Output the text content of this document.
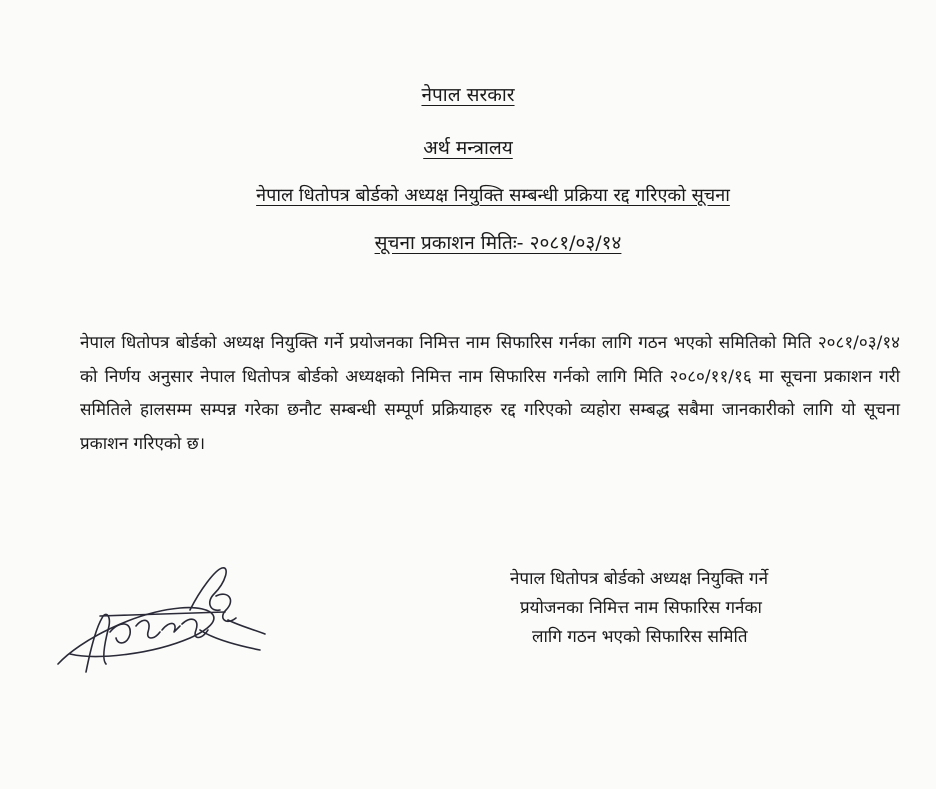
नेपाल सरकार
अर्थ मन्त्रालय
नेपाल धितोपत्र बोर्डको अध्यक्ष नियुक्ति सम्बन्धी प्रक्रिया रद्द गरिएको सूचना
सूचना प्रकाशन मितिः- २०८१/०३/१४

नेपाल धितोपत्र बोर्डको अध्यक्ष नियुक्ति गर्ने प्रयोजनका निमित्त नाम सिफारिस गर्नका लागि गठन भएको समितिको मिति २०८१/०३/१४ को निर्णय अनुसार नेपाल धितोपत्र बोर्डको अध्यक्षको निमित्त नाम सिफारिस गर्नको लागि मिति २०८०/११/१६ मा सूचना प्रकाशन गरी समितिले हालसम्म सम्पन्न गरेका छनौट सम्बन्धी सम्पूर्ण प्रक्रियाहरु रद्द गरिएको व्यहोरा सम्बद्ध सबैमा जानकारीको लागि यो सूचना प्रकाशन गरिएको छ।

नेपाल धितोपत्र बोर्डको अध्यक्ष नियुक्ति गर्ने
प्रयोजनका निमित्त नाम सिफारिस गर्नका
लागि गठन भएको सिफारिस समिति
